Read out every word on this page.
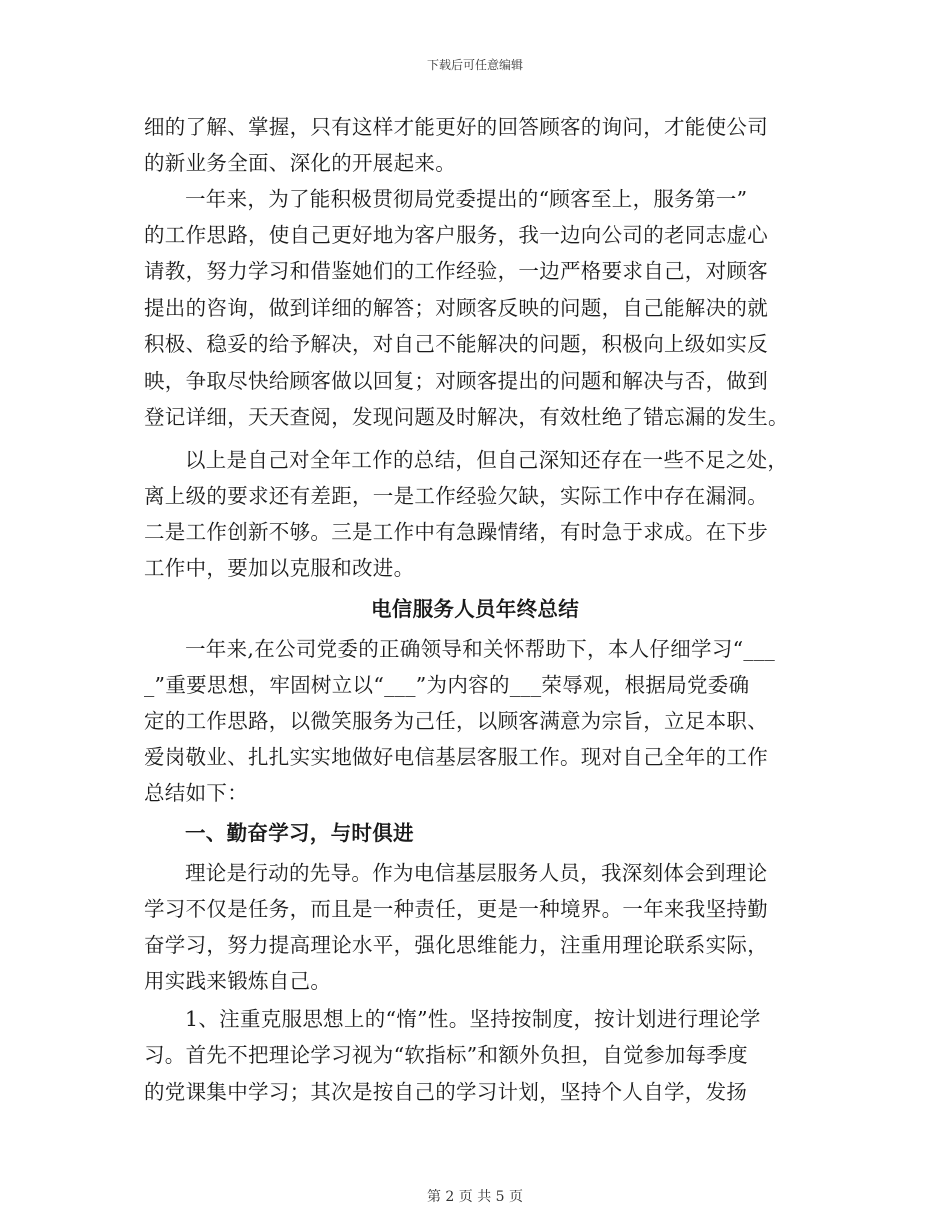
下载后可任意编辑
细的了解、掌握，只有这样才能更好的回答顾客的询问，才能使公司
的新业务全面、深化的开展起来。
一年来，为了能积极贯彻局党委提出的“顾客至上，服务第一”
的工作思路，使自己更好地为客户服务，我一边向公司的老同志虚心
请教，努力学习和借鉴她们的工作经验，一边严格要求自己，对顾客
提出的咨询，做到详细的解答；对顾客反映的问题，自己能解决的就
积极、稳妥的给予解决，对自己不能解决的问题，积极向上级如实反
映，争取尽快给顾客做以回复；对顾客提出的问题和解决与否，做到
登记详细，天天查阅，发现问题及时解决，有效杜绝了错忘漏的发生。
以上是自己对全年工作的总结，但自己深知还存在一些不足之处，
离上级的要求还有差距，一是工作经验欠缺，实际工作中存在漏洞。
二是工作创新不够。三是工作中有急躁情绪，有时急于求成。在下步
工作中，要加以克服和改进。
电信服务人员年终总结
一年来,在公司党委的正确领导和关怀帮助下，本人仔细学习“___
_”重要思想，牢固树立以“___”为内容的___荣辱观，根据局党委确
定的工作思路，以微笑服务为己任，以顾客满意为宗旨，立足本职、
爱岗敬业、扎扎实实地做好电信基层客服工作。现对自己全年的工作
总结如下：
一、勤奋学习，与时俱进
理论是行动的先导。作为电信基层服务人员，我深刻体会到理论
学习不仅是任务，而且是一种责任，更是一种境界。一年来我坚持勤
奋学习，努力提高理论水平，强化思维能力，注重用理论联系实际，
用实践来锻炼自己。
1、注重克服思想上的“惰”性。坚持按制度，按计划进行理论学
习。首先不把理论学习视为“软指标”和额外负担，自觉参加每季度
的党课集中学习；其次是按自己的学习计划，坚持个人自学，发扬
第 2 页 共 5 页
